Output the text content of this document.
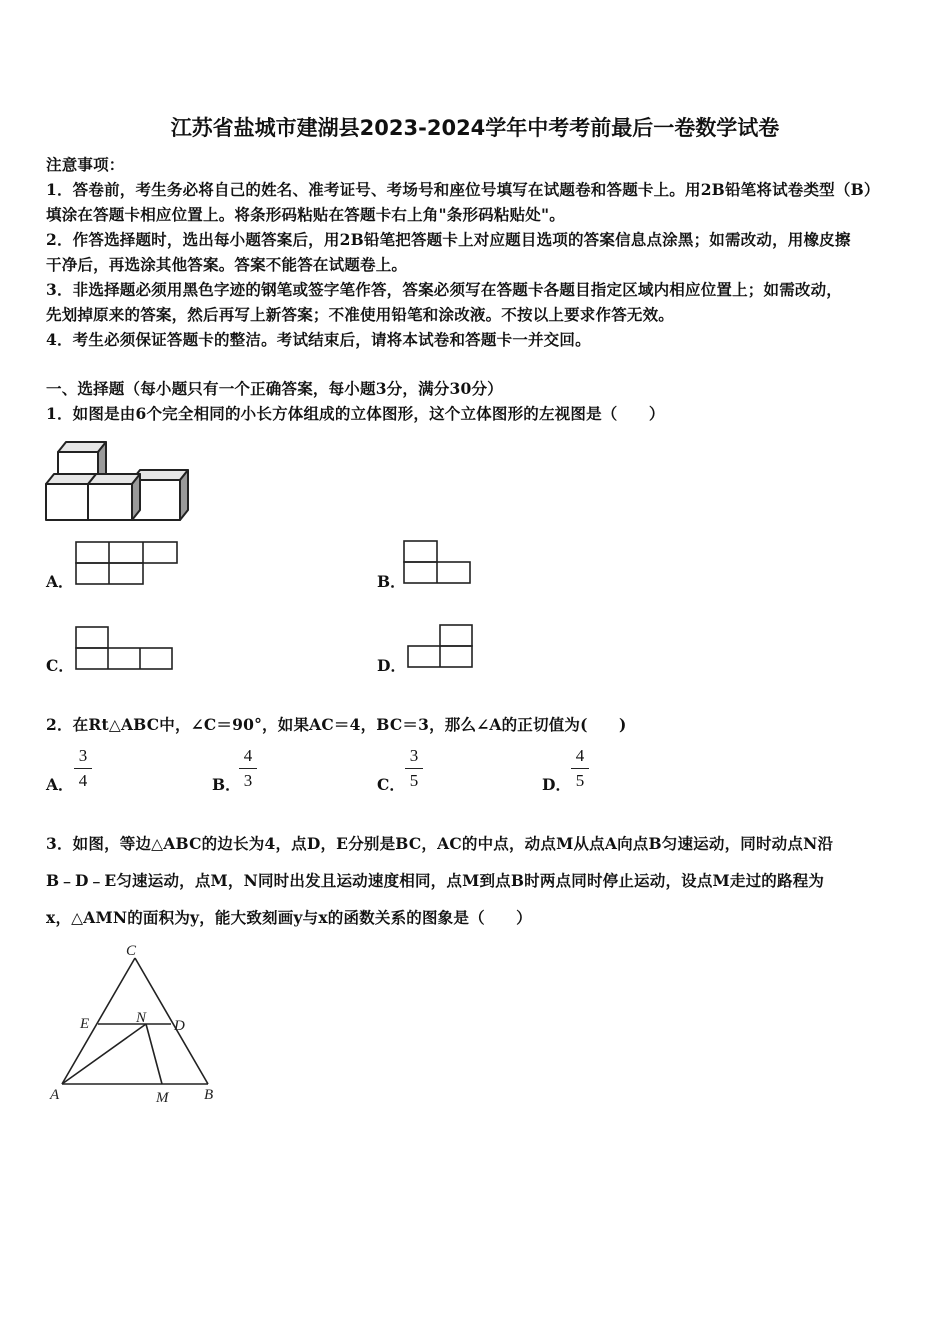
江苏省盐城市建湖县2023-2024学年中考考前最后一卷数学试卷
注意事项：
1．答卷前，考生务必将自己的姓名、准考证号、考场号和座位号填写在试题卷和答题卡上。用2B铅笔将试卷类型（B）
填涂在答题卡相应位置上。将条形码粘贴在答题卡右上角"条形码粘贴处"。
2．作答选择题时，选出每小题答案后，用2B铅笔把答题卡上对应题目选项的答案信息点涂黑；如需改动，用橡皮擦
干净后，再选涂其他答案。答案不能答在试题卷上。
3．非选择题必须用黑色字迹的钢笔或签字笔作答，答案必须写在答题卡各题目指定区域内相应位置上；如需改动，
先划掉原来的答案，然后再写上新答案；不准使用铅笔和涂改液。不按以上要求作答无效。
4．考生必须保证答题卡的整洁。考试结束后，请将本试卷和答题卡一并交回。
一、选择题（每小题只有一个正确答案，每小题3分，满分30分）
1．如图是由6个完全相同的小长方体组成的立体图形，这个立体图形的左视图是（　　）
A．	B．
C．	D．
2．在Rt△ABC中，∠C＝90°，如果AC＝4，BC＝3，那么∠A的正切值为(　　)
A．
3
4	B．
4
3	C．
3
5	D．
4
5
3．如图，等边△ABC的边长为4，点D，E分别是BC，AC的中点，动点M从点A向点B匀速运动，同时动点N沿
B﹣D﹣E匀速运动，点M，N同时出发且运动速度相同，点M到点B时两点同时停止运动，设点M走过的路程为
x，△AMN的面积为y，能大致刻画y与x的函数关系的图象是（　　）
C
E	N D
A	M B
